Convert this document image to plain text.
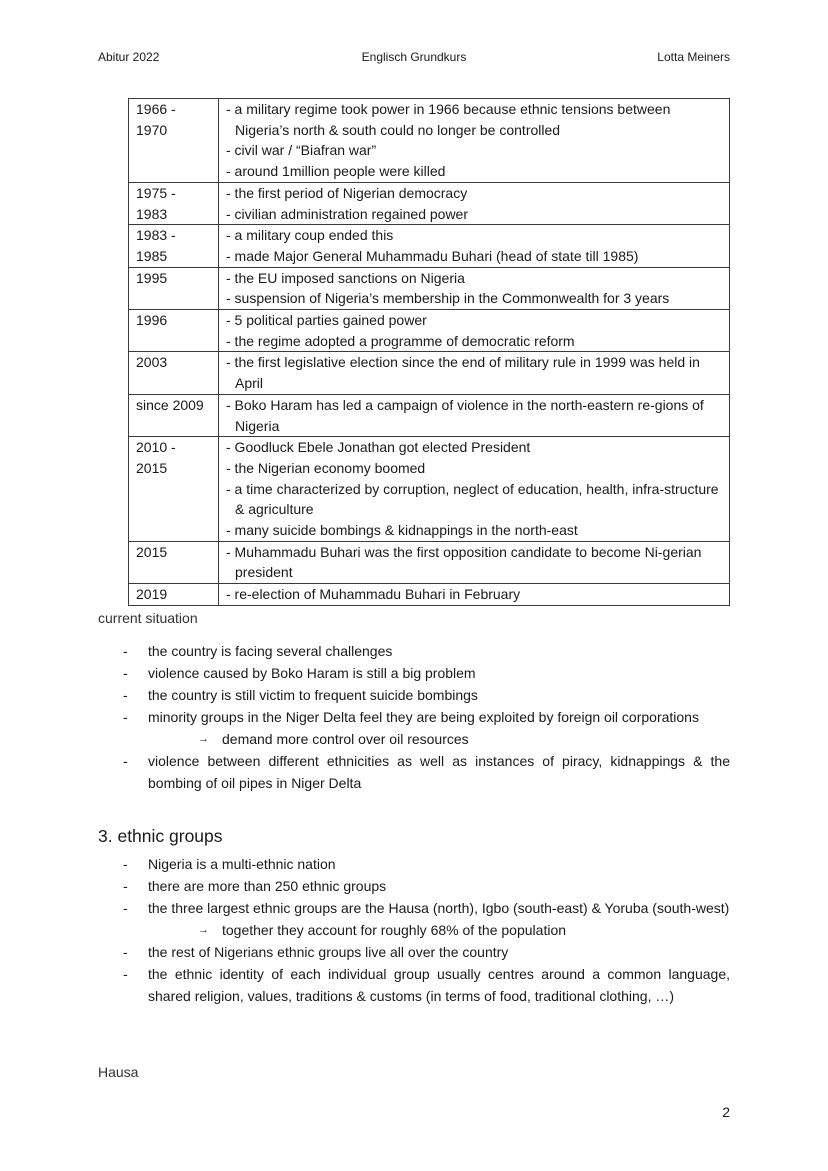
Abitur 2022	Englisch Grundkurs	Lotta Meiners
1966 -
1970	- a military regime took power in 1966 because ethnic tensions between Nigeria’s north & south could no longer be controlled
- civil war / “Biafran war”
- around 1million people were killed

1975 -
1983	- the first period of Nigerian democracy
- civilian administration regained power

1983 -
1985	- a military coup ended this
- made Major General Muhammadu Buhari (head of state till 1985)

1995	- the EU imposed sanctions on Nigeria
- suspension of Nigeria’s membership in the Commonwealth for 3 years

1996	- 5 political parties gained power
- the regime adopted a programme of democratic reform

2003	- the first legislative election since the end of military rule in 1999 was held in April

since 2009	- Boko Haram has led a campaign of violence in the north-eastern re-gions of Nigeria

2010 -
2015	- Goodluck Ebele Jonathan got elected President
- the Nigerian economy boomed
- a time characterized by corruption, neglect of education, health, infra-structure & agriculture
- many suicide bombings & kidnappings in the north-east

2015	- Muhammadu Buhari was the first opposition candidate to become Ni-gerian president

2019	- re-election of Muhammadu Buhari in February
current situation
- the country is facing several challenges
- violence caused by Boko Haram is still a big problem
- the country is still victim to frequent suicide bombings
- minority groups in the Niger Delta feel they are being exploited by foreign oil corporations
→ demand more control over oil resources
- violence between different ethnicities as well as instances of piracy, kidnappings & the bombing of oil pipes in Niger Delta
3. ethnic groups
- Nigeria is a multi-ethnic nation
- there are more than 250 ethnic groups
- the three largest ethnic groups are the Hausa (north), Igbo (south-east) & Yoruba (south-west)
→ together they account for roughly 68% of the population
- the rest of Nigerians ethnic groups live all over the country
- the ethnic identity of each individual group usually centres around a common language, shared religion, values, traditions & customs (in terms of food, traditional clothing, …)
Hausa
2
